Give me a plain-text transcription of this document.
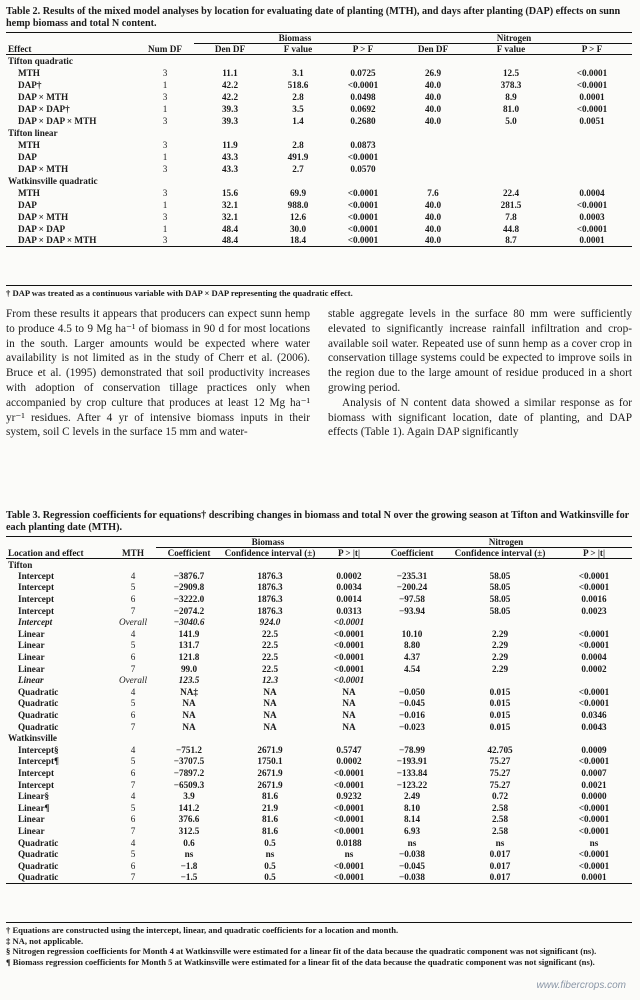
Table 2. Results of the mixed model analyses by location for evaluating date of planting (MTH), and days after planting (DAP) effects on sunn hemp biomass and total N content.
		Biomass			Nitrogen		
Effect	Num DF	Den DF	F value	P > F	Den DF	F value	P > F
Tifton quadratic							
MTH	3	11.1	3.1	0.0725	26.9	12.5	<0.0001
DAP†	1	42.2	518.6	<0.0001	40.0	378.3	<0.0001
DAP × MTH	3	42.2	2.8	0.0498	40.0	8.9	0.0001
DAP × DAP†	1	39.3	3.5	0.0692	40.0	81.0	<0.0001
DAP × DAP × MTH	3	39.3	1.4	0.2680	40.0	5.0	0.0051
Tifton linear							
MTH	3	11.9	2.8	0.0873			
DAP	1	43.3	491.9	<0.0001			
DAP × MTH	3	43.3	2.7	0.0570			
Watkinsville quadratic							
MTH	3	15.6	69.9	<0.0001	7.6	22.4	0.0004
DAP	1	32.1	988.0	<0.0001	40.0	281.5	<0.0001
DAP × MTH	3	32.1	12.6	<0.0001	40.0	7.8	0.0003
DAP × DAP	1	48.4	30.0	<0.0001	40.0	44.8	<0.0001
DAP × DAP × MTH	3	48.4	18.4	<0.0001	40.0	8.7	0.0001
† DAP was treated as a continuous variable with DAP × DAP representing the quadratic effect.

From these results it appears that producers can expect sunn hemp to produce 4.5 to 9 Mg ha⁻¹ of biomass in 90 d for most locations in the south. Larger amounts would be expected where water availability is not limited as in the study of Cherr et al. (2006). Bruce et al. (1995) demonstrated that soil productivity increases with adoption of conservation tillage practices only when accompanied by crop culture that produces at least 12 Mg ha⁻¹ yr⁻¹ residues. After 4 yr of intensive biomass inputs in their system, soil C levels in the surface 15 mm and water-

stable aggregate levels in the surface 80 mm were sufficiently elevated to significantly increase rainfall infiltration and crop-available soil water. Repeated use of sunn hemp as a cover crop in conservation tillage systems could be expected to improve soils in the region due to the large amount of residue produced in a short growing period.

Analysis of N content data showed a similar response as for biomass with significant location, date of planting, and DAP effects (Table 1). Again DAP significantly

Table 3. Regression coefficients for equations† describing changes in biomass and total N over the growing season at Tifton and Watkinsville for each planting date (MTH).
		Biomass			Nitrogen		
Location and effect	MTH	Coefficient	Confidence interval (±)	P > |t|	Coefficient	Confidence interval (±)	P > |t|
Tifton							
Intercept	4	−3876.7	1876.3	0.0002	−235.31	58.05	<0.0001
Intercept	5	−2909.8	1876.3	0.0034	−200.24	58.05	<0.0001
Intercept	6	−3222.0	1876.3	0.0014	−97.58	58.05	0.0016
Intercept	7	−2074.2	1876.3	0.0313	−93.94	58.05	0.0023
Intercept	Overall	−3040.6	924.0	<0.0001			
Linear	4	141.9	22.5	<0.0001	10.10	2.29	<0.0001
Linear	5	131.7	22.5	<0.0001	8.80	2.29	<0.0001
Linear	6	121.8	22.5	<0.0001	4.37	2.29	0.0004
Linear	7	99.0	22.5	<0.0001	4.54	2.29	0.0002
Linear	Overall	123.5	12.3	<0.0001			
Quadratic	4	NA‡	NA	NA	−0.050	0.015	<0.0001
Quadratic	5	NA	NA	NA	−0.045	0.015	<0.0001
Quadratic	6	NA	NA	NA	−0.016	0.015	0.0346
Quadratic	7	NA	NA	NA	−0.023	0.015	0.0043
Watkinsville							
Intercept§	4	−751.2	2671.9	0.5747	−78.99	42.705	0.0009
Intercept¶	5	−3707.5	1750.1	0.0002	−193.91	75.27	<0.0001
Intercept	6	−7897.2	2671.9	<0.0001	−133.84	75.27	0.0007
Intercept	7	−6509.3	2671.9	<0.0001	−123.22	75.27	0.0021
Linear§	4	3.9	81.6	0.9232	2.49	0.72	0.0000
Linear¶	5	141.2	21.9	<0.0001	8.10	2.58	<0.0001
Linear	6	376.6	81.6	<0.0001	8.14	2.58	<0.0001
Linear	7	312.5	81.6	<0.0001	6.93	2.58	<0.0001
Quadratic	4	0.6	0.5	0.0188	ns	ns	ns
Quadratic	5	ns	ns	ns	−0.038	0.017	<0.0001
Quadratic	6	−1.8	0.5	<0.0001	−0.045	0.017	<0.0001
Quadratic	7	−1.5	0.5	<0.0001	−0.038	0.017	0.0001
† Equations are constructed using the intercept, linear, and quadratic coefficients for a location and month.
‡ NA, not applicable.
§ Nitrogen regression coefficients for Month 4 at Watkinsville were estimated for a linear fit of the data because the quadratic component was not significant (ns).
¶ Biomass regression coefficients for Month 5 at Watkinsville were estimated for a linear fit of the data because the quadratic component was not significant (ns).
www.fibercrops.com
